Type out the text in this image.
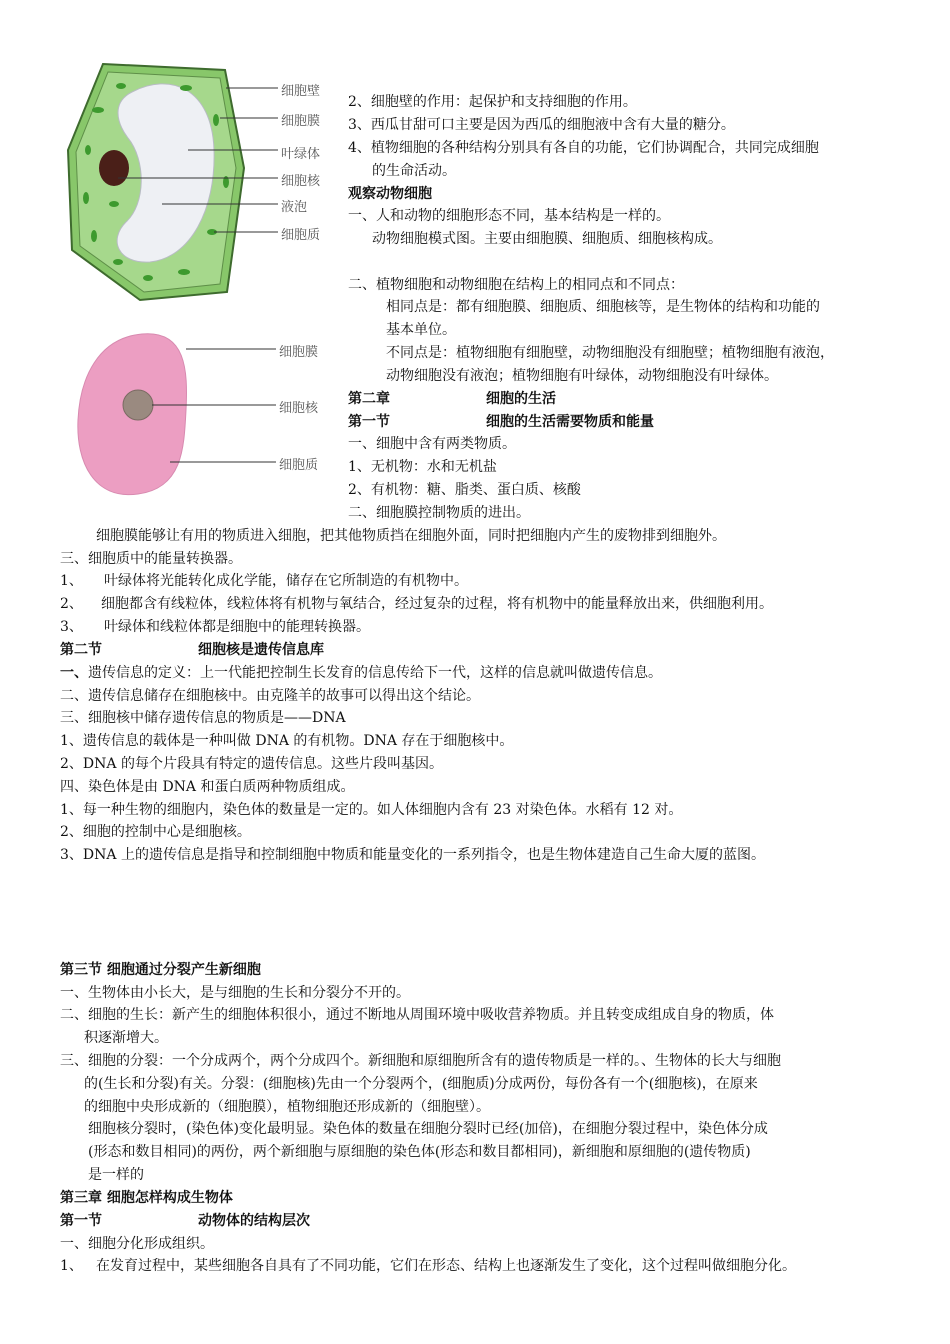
细胞壁
细胞膜
叶绿体
细胞核
液泡
细胞质
细胞膜
细胞核
细胞质
2、细胞壁的作用：起保护和支持细胞的作用。
3、西瓜甘甜可口主要是因为西瓜的细胞液中含有大量的糖分。
4、植物细胞的各种结构分别具有各自的功能，它们协调配合，共同完成细胞
的生命活动。
观察动物细胞
一、人和动物的细胞形态不同，基本结构是一样的。
动物细胞模式图。主要由细胞膜、细胞质、细胞核构成。
二、植物细胞和动物细胞在结构上的相同点和不同点：
相同点是：都有细胞膜、细胞质、细胞核等，是生物体的结构和功能的
基本单位。
不同点是：植物细胞有细胞壁，动物细胞没有细胞壁；植物细胞有液泡，
动物细胞没有液泡；植物细胞有叶绿体，动物细胞没有叶绿体。
第二章	细胞的生活
第一节	细胞的生活需要物质和能量
一、细胞中含有两类物质。
1、无机物：水和无机盐
2、有机物：糖、脂类、蛋白质、核酸
二、细胞膜控制物质的进出。
细胞膜能够让有用的物质进入细胞，把其他物质挡在细胞外面，同时把细胞内产生的废物排到细胞外。
三、细胞质中的能量转换器。
1、 叶绿体将光能转化成化学能，储存在它所制造的有机物中。
2、 细胞都含有线粒体，线粒体将有机物与氧结合，经过复杂的过程，将有机物中的能量释放出来，供细胞利用。
3、 叶绿体和线粒体都是细胞中的能理转换器。
第二节	细胞核是遗传信息库
一、遗传信息的定义：上一代能把控制生长发育的信息传给下一代，这样的信息就叫做遗传信息。
二、遗传信息储存在细胞核中。由克隆羊的故事可以得出这个结论。
三、细胞核中储存遗传信息的物质是——DNA
1、遗传信息的载体是一种叫做 DNA 的有机物。DNA 存在于细胞核中。
2、DNA 的每个片段具有特定的遗传信息。这些片段叫基因。
四、染色体是由 DNA 和蛋白质两种物质组成。
1、每一种生物的细胞内，染色体的数量是一定的。如人体细胞内含有 23 对染色体。水稻有 12 对。
2、细胞的控制中心是细胞核。
3、DNA 上的遗传信息是指导和控制细胞中物质和能量变化的一系列指令，也是生物体建造自己生命大厦的蓝图。
第三节 细胞通过分裂产生新细胞
一、生物体由小长大，是与细胞的生长和分裂分不开的。
二、细胞的生长：新产生的细胞体积很小，通过不断地从周围环境中吸收营养物质。并且转变成组成自身的物质，体
积逐渐增大。
三、细胞的分裂：一个分成两个，两个分成四个。新细胞和原细胞所含有的遗传物质是一样的。、生物体的长大与细胞
的(生长和分裂)有关。分裂：(细胞核)先由一个分裂两个，(细胞质)分成两份，每份各有一个(细胞核)，在原来
的细胞中央形成新的（细胞膜），植物细胞还形成新的（细胞壁）。
细胞核分裂时，(染色体)变化最明显。染色体的数量在细胞分裂时已经(加倍)，在细胞分裂过程中，染色体分成
(形态和数目相同)的两份，两个新细胞与原细胞的染色体(形态和数目都相同)，新细胞和原细胞的(遗传物质)
是一样的
第三章 细胞怎样构成生物体
第一节	动物体的结构层次
一、细胞分化形成组织。
1、 在发育过程中，某些细胞各自具有了不同功能，它们在形态、结构上也逐渐发生了变化，这个过程叫做细胞分化。
